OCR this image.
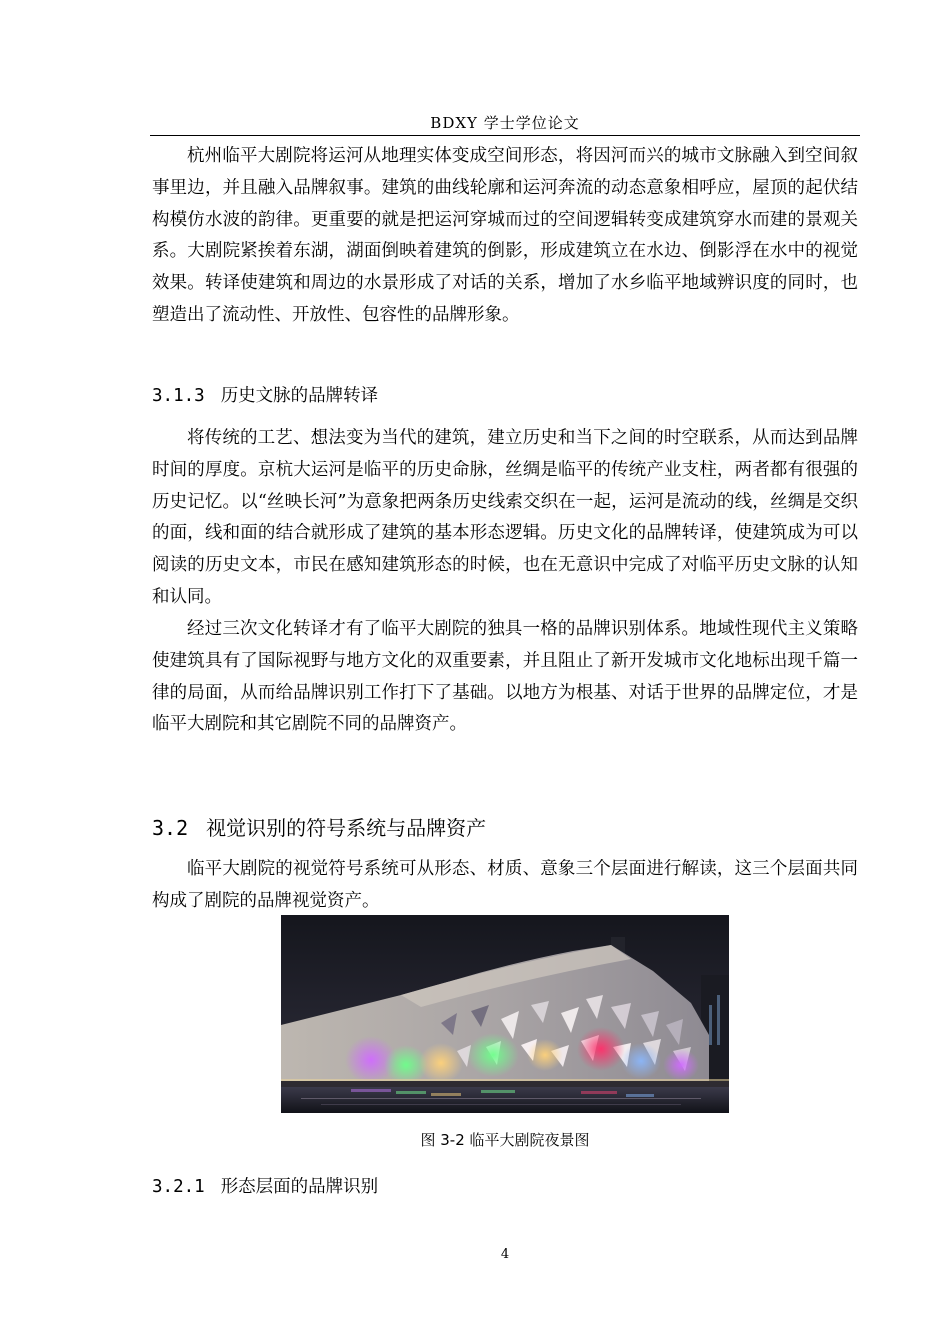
BDXY 学士学位论文

杭州临平大剧院将运河从地理实体变成空间形态，将因河而兴的城市文脉融入到空间叙事里边，并且融入品牌叙事。建筑的曲线轮廓和运河奔流的动态意象相呼应，屋顶的起伏结构模仿水波的韵律。更重要的就是把运河穿城而过的空间逻辑转变成建筑穿水而建的景观关系。大剧院紧挨着东湖，湖面倒映着建筑的倒影，形成建筑立在水边、倒影浮在水中的视觉效果。转译使建筑和周边的水景形成了对话的关系，增加了水乡临平地域辨识度的同时，也塑造出了流动性、开放性、包容性的品牌形象。

3.1.3 历史文脉的品牌转译

将传统的工艺、想法变为当代的建筑，建立历史和当下之间的时空联系，从而达到品牌时间的厚度。京杭大运河是临平的历史命脉，丝绸是临平的传统产业支柱，两者都有很强的历史记忆。以“丝映长河”为意象把两条历史线索交织在一起，运河是流动的线，丝绸是交织的面，线和面的结合就形成了建筑的基本形态逻辑。历史文化的品牌转译，使建筑成为可以阅读的历史文本，市民在感知建筑形态的时候，也在无意识中完成了对临平历史文脉的认知和认同。

经过三次文化转译才有了临平大剧院的独具一格的品牌识别体系。地域性现代主义策略使建筑具有了国际视野与地方文化的双重要素，并且阻止了新开发城市文化地标出现千篇一律的局面，从而给品牌识别工作打下了基础。以地方为根基、对话于世界的品牌定位，才是临平大剧院和其它剧院不同的品牌资产。

3.2 视觉识别的符号系统与品牌资产

临平大剧院的视觉符号系统可从形态、材质、意象三个层面进行解读，这三个层面共同构成了剧院的品牌视觉资产。

图 3-2 临平大剧院夜景图
3.2.1 形态层面的品牌识别
4
